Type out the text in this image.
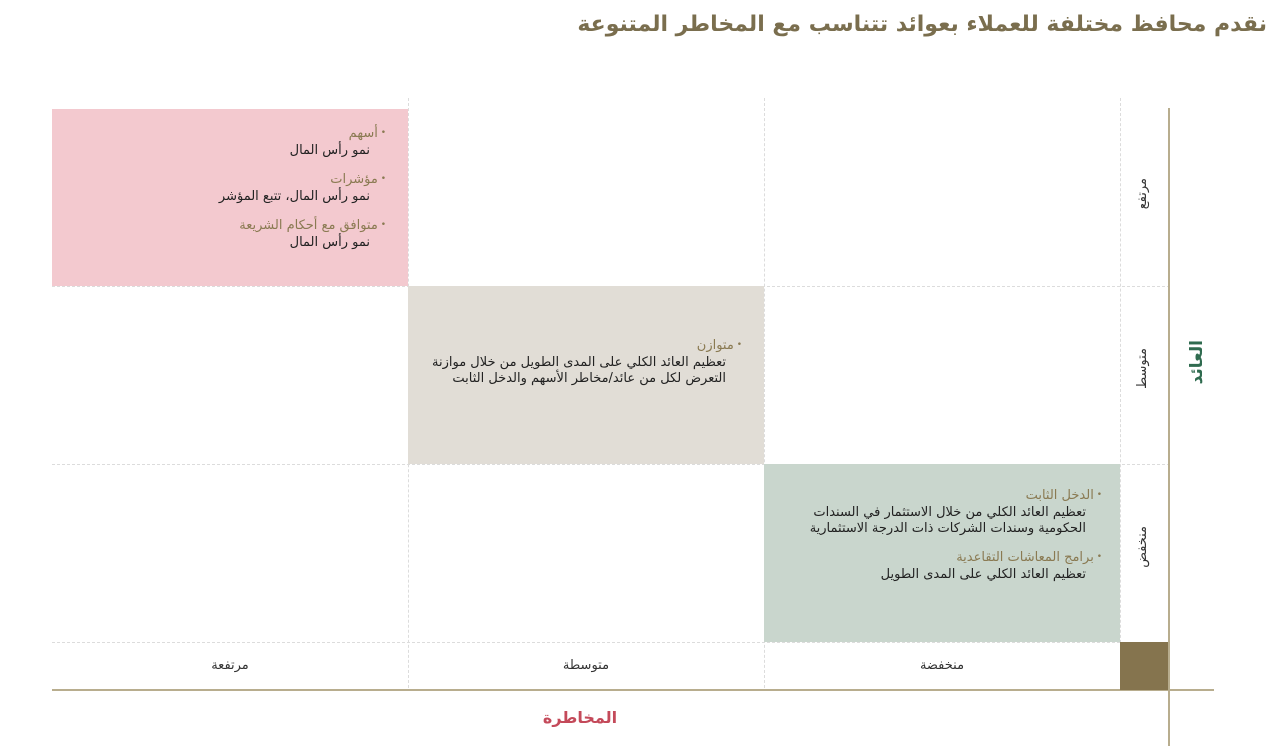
نقدم محافظ مختلفة للعملاء بعوائد تتناسب مع المخاطر المتنوعة
• أسهم
نمو رأس المال
• مؤشرات
نمو رأس المال، تتبع المؤشر
• متوافق مع أحكام الشريعة
نمو رأس المال
• متوازن
تعظيم العائد الكلي على المدى الطويل من خلال موازنة التعرض لكل من عائد/مخاطر الأسهم والدخل الثابت
• الدخل الثابت
تعظيم العائد الكلي من خلال الاستثمار في السندات الحكومية وسندات الشركات ذات الدرجة الاستثمارية
• برامج المعاشات التقاعدية
تعظيم العائد الكلي على المدى الطويل
مرتفع
متوسط
منخفض
مرتفعة	متوسطة	منخفضة
العائد
المخاطرة
